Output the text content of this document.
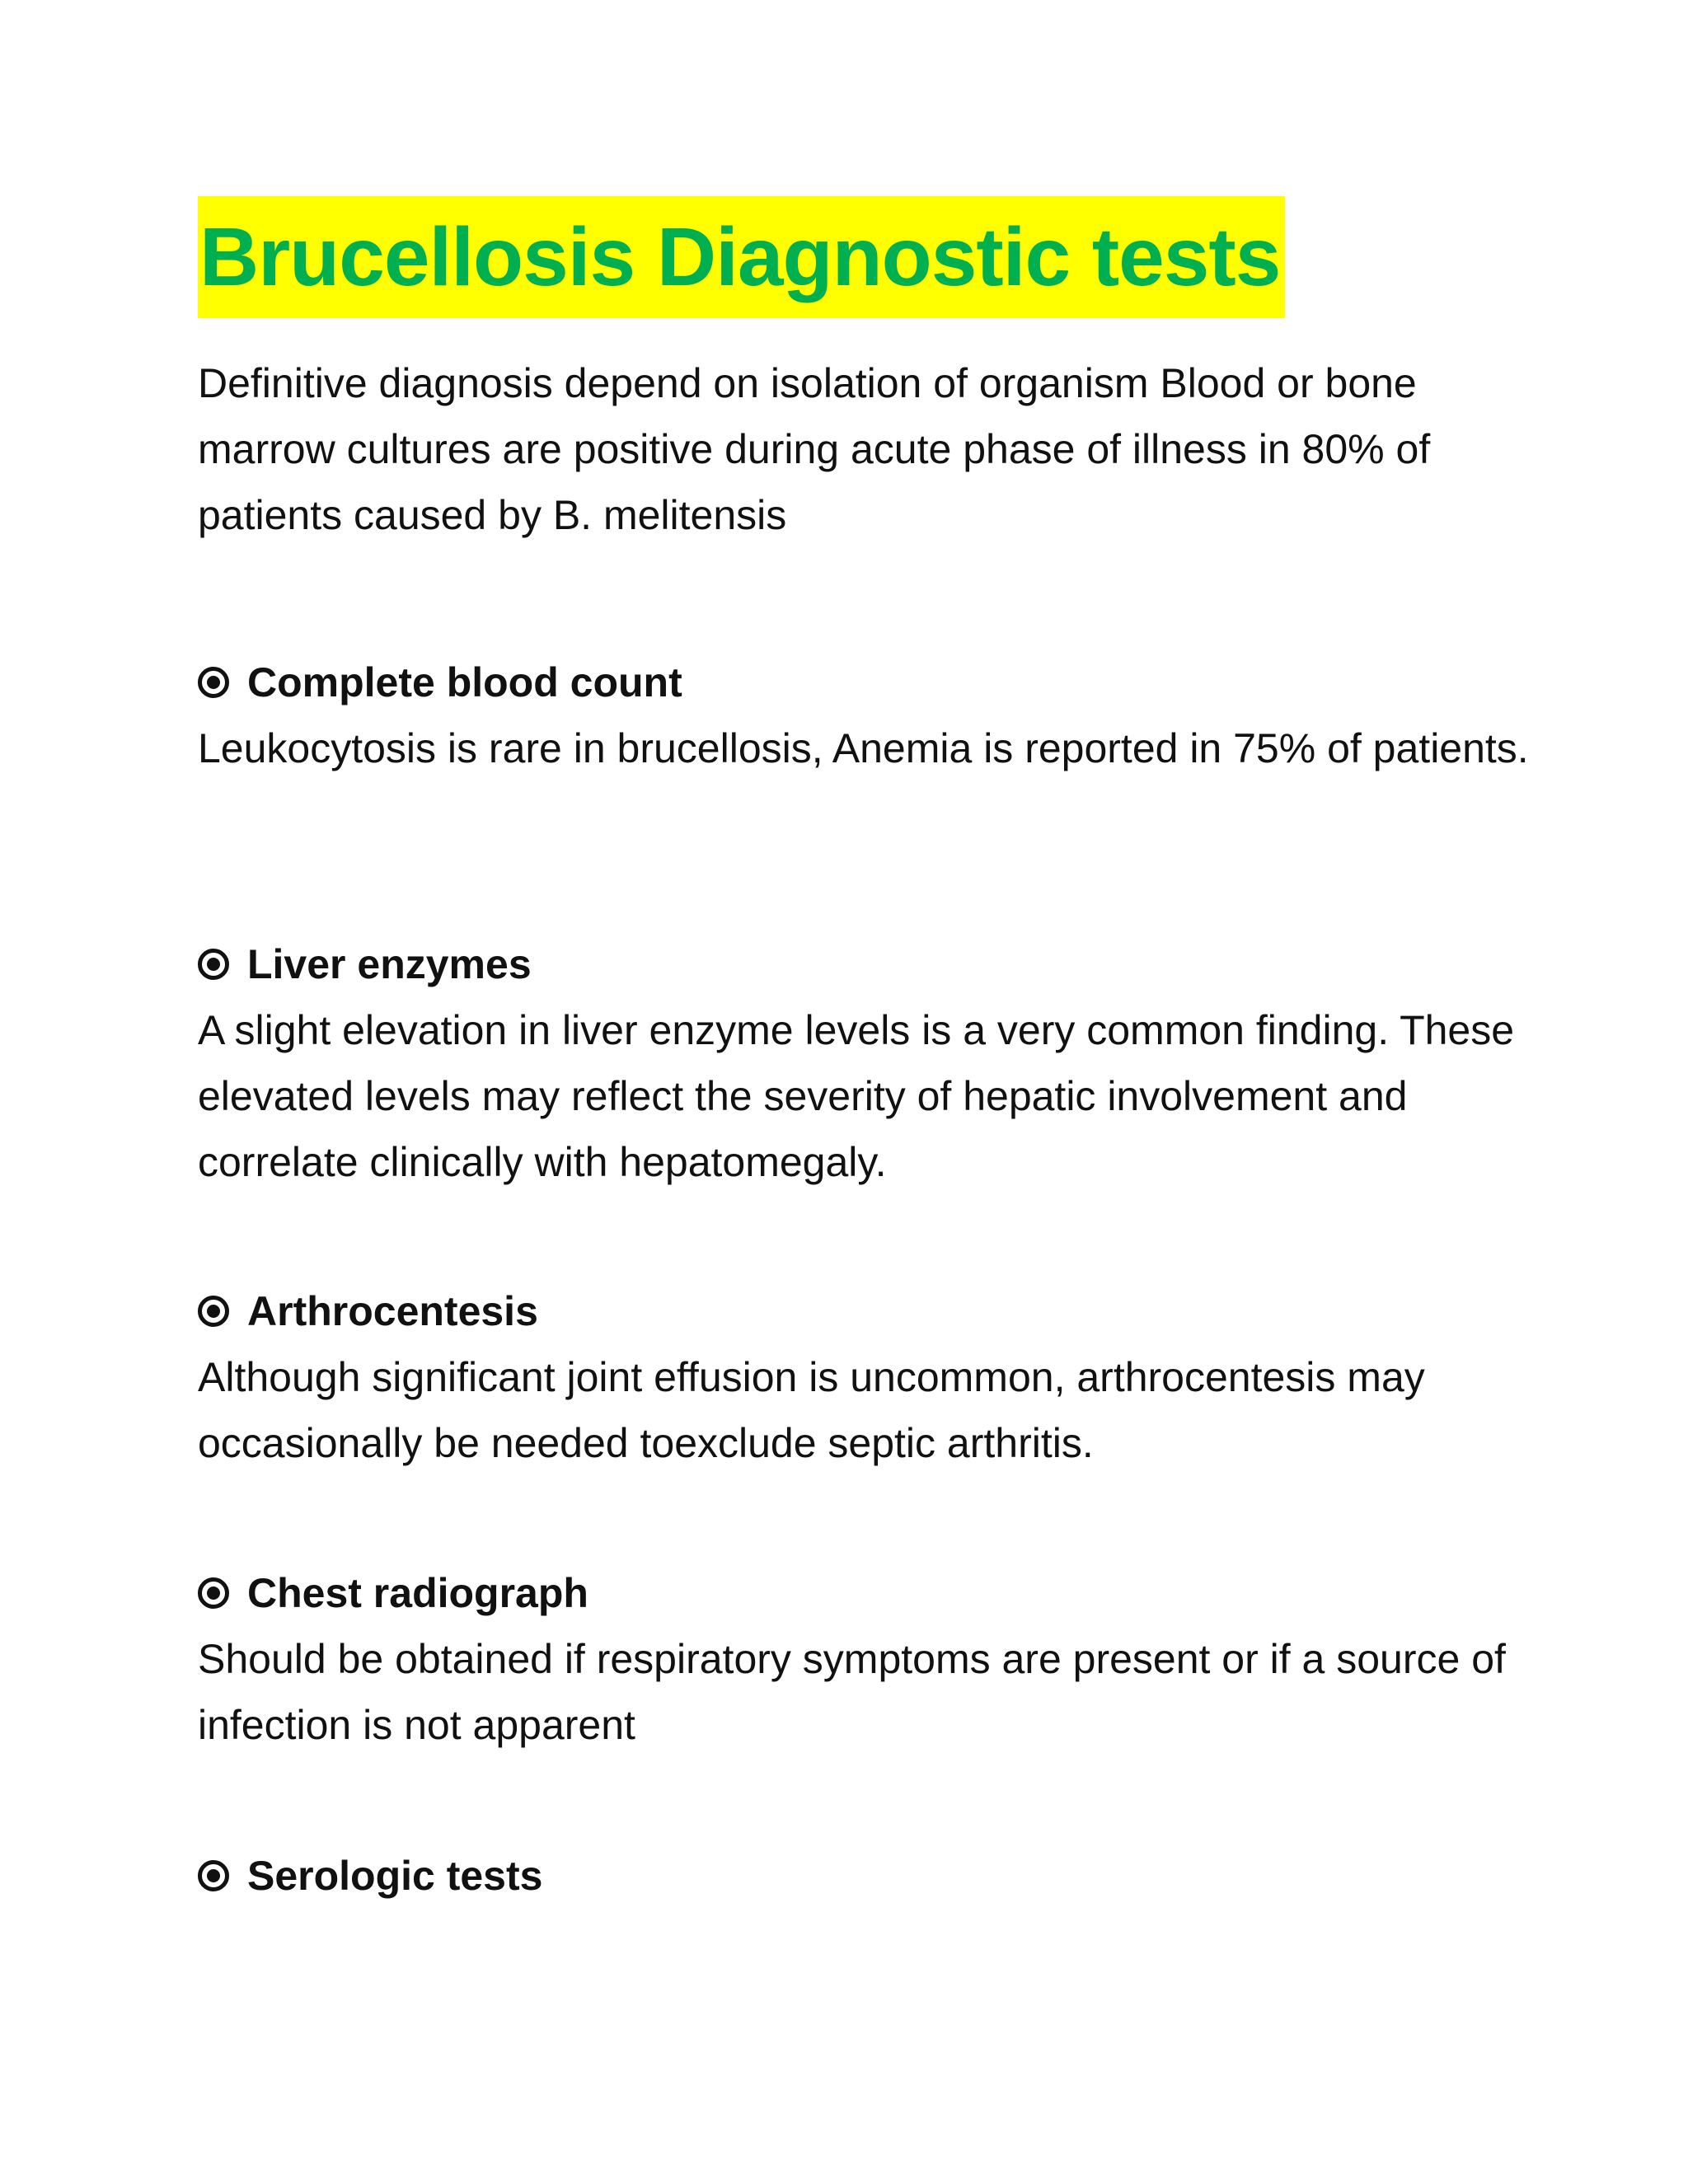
Brucellosis Diagnostic tests

Definitive diagnosis depend on isolation of organism Blood or bone marrow cultures are positive during acute phase of illness in 80% of patients caused by B. melitensis

Complete blood count

Leukocytosis is rare in brucellosis, Anemia is reported in 75% of patients.

Liver enzymes

A slight elevation in liver enzyme levels is a very common finding. These elevated levels may reflect the severity of hepatic involvement and correlate clinically with hepatomegaly.

Arthrocentesis

Although significant joint effusion is uncommon, arthrocentesis may occasionally be needed toexclude septic arthritis.

Chest radiograph

Should be obtained if respiratory symptoms are present or if a source of infection is not apparent

Serologic tests
